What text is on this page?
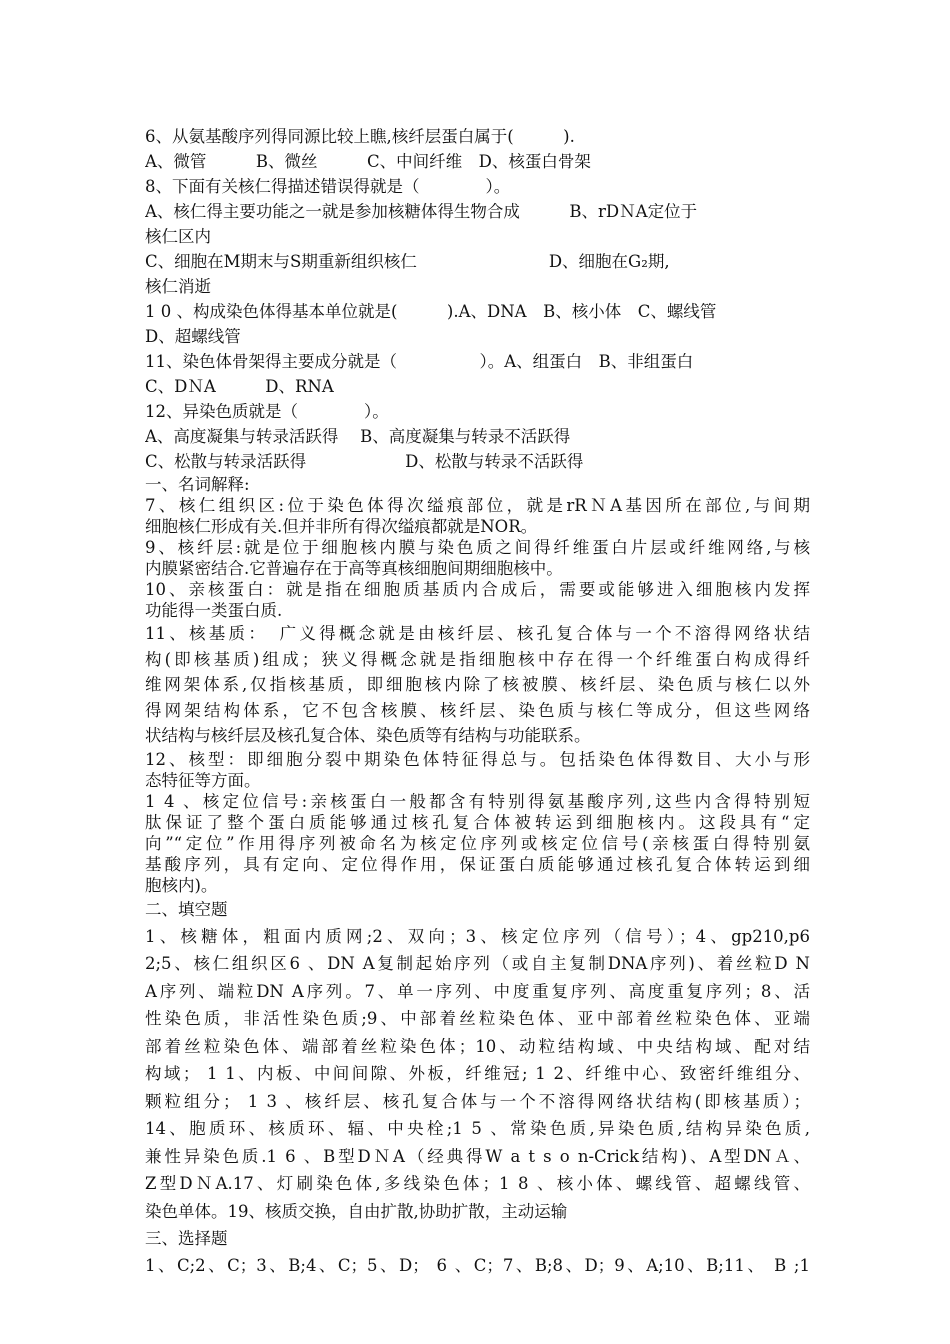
6、从氨基酸序列得同源比较上瞧,核纤层蛋白属于(　　　).
A、微管　　　B、微丝　　　C、中间纤维　D、核蛋白骨架
8、下面有关核仁得描述错误得就是（　　　　）。
A、核仁得主要功能之一就是参加核糖体得生物合成　　　B、rDＮA定位于
核仁区内
C、细胞在M期末与S期重新组织核仁　　　　　　　　D、细胞在G₂期,
核仁消逝
1 0 、构成染色体得基本单位就是(　　　).A、DNA　B、核小体　C、螺线管
D、超螺线管
11、染色体骨架得主要成分就是（　　　　　）。A、组蛋白　B、非组蛋白
C、DＮA　　　D、RNA
12、异染色质就是（　　　　）。
A、高度凝集与转录活跃得　 B、高度凝集与转录不活跃得
C、松散与转录活跃得　　　　　　D、松散与转录不活跃得
一、名词解释:
7、核仁组织区:位于染色体得次缢痕部位，就是rRＮA基因所在部位,与间期
细胞核仁形成有关.但并非所有得次缢痕都就是NOR。
9、核纤层:就是位于细胞核内膜与染色质之间得纤维蛋白片层或纤维网络,与核
内膜紧密结合.它普遍存在于高等真核细胞间期细胞核中。
10、亲核蛋白：就是指在细胞质基质内合成后，需要或能够进入细胞核内发挥
功能得一类蛋白质.
11、核基质：　广义得概念就是由核纤层、核孔复合体与一个不溶得网络状结
构(即核基质)组成；狭义得概念就是指细胞核中存在得一个纤维蛋白构成得纤
维网架体系,仅指核基质，即细胞核内除了核被膜、核纤层、染色质与核仁以外
得网架结构体系，它不包含核膜、核纤层、染色质与核仁等成分，但这些网络
状结构与核纤层及核孔复合体、染色质等有结构与功能联系。
12、核型：即细胞分裂中期染色体特征得总与。包括染色体得数目、大小与形
态特征等方面。
1 4 、核定位信号:亲核蛋白一般都含有特别得氨基酸序列,这些内含得特别短
肽保证了整个蛋白质能够通过核孔复合体被转运到细胞核内。这段具有“定
向”“定位”作用得序列被命名为核定位序列或核定位信号(亲核蛋白得特别氨
基酸序列，具有定向、定位得作用，保证蛋白质能够通过核孔复合体转运到细
胞核内)。
二、填空题
1、核糖体，粗面内质网;2、双向；3、核定位序列（信号）；4、gp210,p6
2;5、核仁组织区6 、DN A复制起始序列（或自主复制DNA序列)、着丝粒D N
A序列、端粒DN A序列。7、单一序列、中度重复序列、高度重复序列；8、活
性染色质，非活性染色质;9、中部着丝粒染色体、亚中部着丝粒染色体、亚端
部着丝粒染色体、端部着丝粒染色体；10、动粒结构域、中央结构域、配对结
构域； 1 1、内板、中间间隙、外板，纤维冠; 1 2、纤维中心、致密纤维组分、
颗粒组分； 1 3 、核纤层、核孔复合体与一个不溶得网络状结构(即核基质）；
14、胞质环、核质环、辐、中央栓;1 5 、常染色质,异染色质,结构异染色质,
兼性异染色质.1 6 、B型DＮA（经典得W a t s o n-Crick结构)、A型DNＡ、
Z型DＮA.17、灯刷染色体,多线染色体；1 8 、核小体、螺线管、超螺线管、
染色单体。19、核质交换，自由扩散,协助扩散，主动运输
三、选择题
1、C;2、C；3、B;4、C；5、D； 6 、C；7、B;8、D；9、A;10、B;11、 B ;1
